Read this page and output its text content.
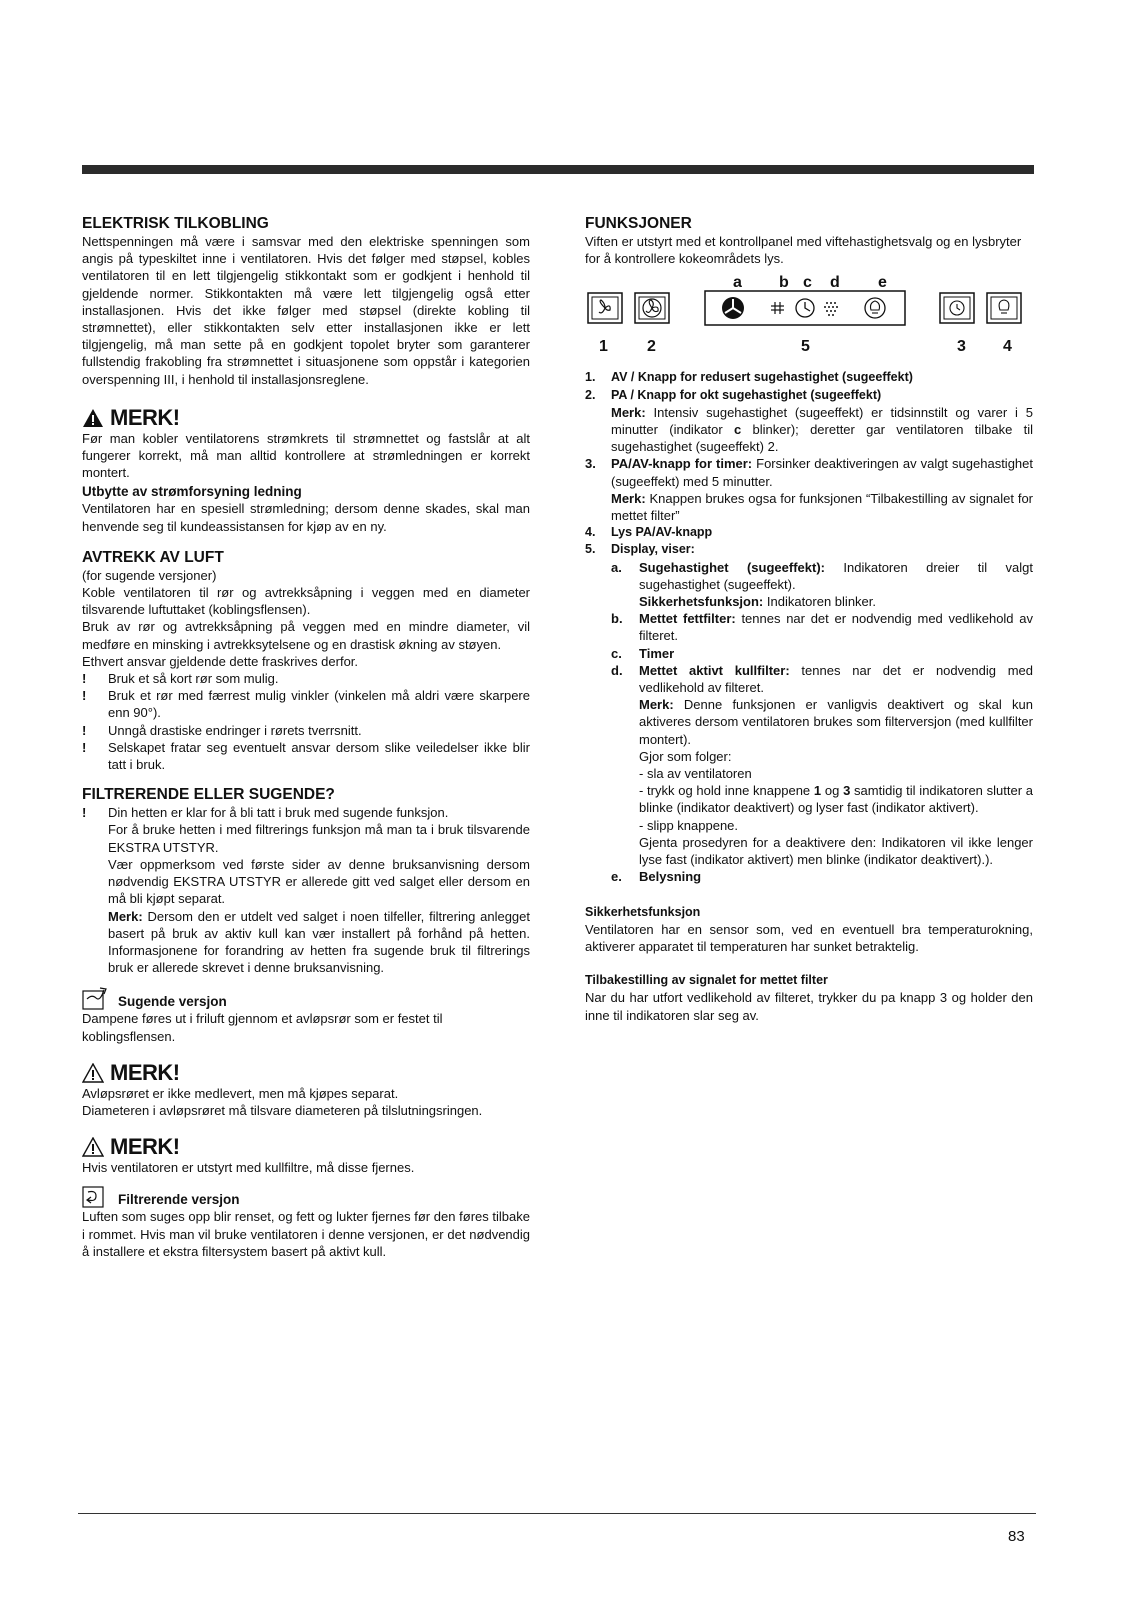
ELEKTRISK TILKOBLING
Nettspenningen må være i samsvar med den elektriske spenningen som angis på typeskiltet inne i ventilatoren. Hvis det følger med støpsel, kobles ventilatoren til en lett tilgjengelig stikkontakt som er godkjent i henhold til gjeldende normer. Stikkontakten må være lett tilgjengelig også etter installasjonen. Hvis det ikke følger med støpsel (direkte kobling til strømnettet), eller stikkontakten selv etter installasjonen ikke er lett tilgjengelig, må man sette på en godkjent topolet bryter som garanterer fullstendig frakobling fra strømnettet i situasjonene som oppstår i kategorien overspenning III, i henhold til installasjonsreglene.
MERK!
Før man kobler ventilatorens strømkrets til strømnettet og fastslår at alt fungerer korrekt, må man alltid kontrollere at strømledningen er korrekt montert.
Utbytte av strømforsyning ledning
Ventilatoren har en spesiell strømledning; dersom denne skades, skal man henvende seg til kundeassistansen for kjøp av en ny.
AVTREKK AV LUFT
(for sugende versjoner)
Koble ventilatoren til rør og avtrekksåpning i veggen med en diameter tilsvarende luftuttaket (koblingsflensen).
Bruk av rør og avtrekksåpning på veggen med en mindre diameter, vil medføre en minsking i avtrekksytelsene og en drastisk økning av støyen.
Ethvert ansvar gjeldende dette fraskrives derfor.
!	Bruk et så kort rør som mulig.
!	Bruk et rør med færrest mulig vinkler (vinkelen må aldri være skarpere enn 90°).
!	Unngå drastiske endringer i rørets tverrsnitt.
!	Selskapet fratar seg eventuelt ansvar dersom slike veiledelser ikke blir tatt i bruk.
FILTRERENDE ELLER SUGENDE?
!	Din hetten er klar for å bli tatt i bruk med sugende funksjon.
For å bruke hetten i med filtrerings funksjon må man ta i bruk tilsvarende EKSTRA UTSTYR.
Vær oppmerksom ved første sider av denne bruksanvisning dersom nødvendig EKSTRA UTSTYR er allerede gitt ved salget eller dersom en må bli kjøpt separat.
Merk: Dersom den er utdelt ved salget i noen tilfeller, filtrering anlegget basert på bruk av aktiv kull kan vær installert på forhånd på hetten. Informasjonene for forandring av hetten fra sugende bruk til filtrerings bruk er allerede skrevet i denne bruksanvisning.
Sugende versjon
Dampene føres ut i friluft gjennom et avløpsrør som er festet til koblingsflensen.
MERK!
Avløpsrøret er ikke medlevert, men må kjøpes separat.
Diameteren i avløpsrøret må tilsvare diameteren på tilslutningsringen.
MERK!
Hvis ventilatoren er utstyrt med kullfiltre, må disse fjernes.
Filtrerende versjon
Luften som suges opp blir renset, og fett og lukter fjernes før den føres tilbake i rommet. Hvis man vil bruke ventilatoren i denne versjonen, er det nødvendig å installere et ekstra filtersystem basert på aktivt kull.
FUNKSJONER
Viften er utstyrt med et kontrollpanel med viftehastighetsvalg og en lysbryter for å kontrollere kokeområdets lys.
a b c d e
1 2	5	3 4
1.	AV / Knapp for redusert sugehastighet (sugeeffekt)
2.	PA / Knapp for okt sugehastighet (sugeeffekt)
Merk: Intensiv sugehastighet (sugeeffekt) er tidsinnstilt og varer i 5 minutter (indikator c blinker); deretter gar ventilatoren tilbake til sugehastighet (sugeeffekt) 2.
3.	PA/AV-knapp for timer: Forsinker deaktiveringen av valgt sugehastighet (sugeeffekt) med 5 minutter.
Merk: Knappen brukes ogsa for funksjonen “Tilbakestilling av signalet for mettet filter”
4.	Lys PA/AV-knapp
5.	Display, viser:
a.	Sugehastighet (sugeeffekt): Indikatoren dreier til valgt sugehastighet (sugeeffekt).
Sikkerhetsfunksjon: Indikatoren blinker.
b.	Mettet fettfilter: tennes nar det er nodvendig med vedlikehold av filteret.
c.	Timer
d.	Mettet aktivt kullfilter: tennes nar det er nodvendig med vedlikehold av filteret.
Merk: Denne funksjonen er vanligvis deaktivert og skal kun aktiveres dersom ventilatoren brukes som filterversjon (med kullfilter montert).
Gjor som folger:
- sla av ventilatoren
- trykk og hold inne knappene 1 og 3 samtidig til indikatoren slutter a blinke (indikator deaktivert) og lyser fast (indikator aktivert).
- slipp knappene.
Gjenta prosedyren for a deaktivere den: Indikatoren vil ikke lenger lyse fast (indikator aktivert) men blinke (indikator deaktivert).).
e.	Belysning
Sikkerhetsfunksjon
Ventilatoren har en sensor som, ved en eventuell bra temperaturokning, aktiverer apparatet til temperaturen har sunket betraktelig.
Tilbakestilling av signalet for mettet filter
Nar du har utfort vedlikehold av filteret, trykker du pa knapp 3 og holder den inne til indikatoren slar seg av.
83
